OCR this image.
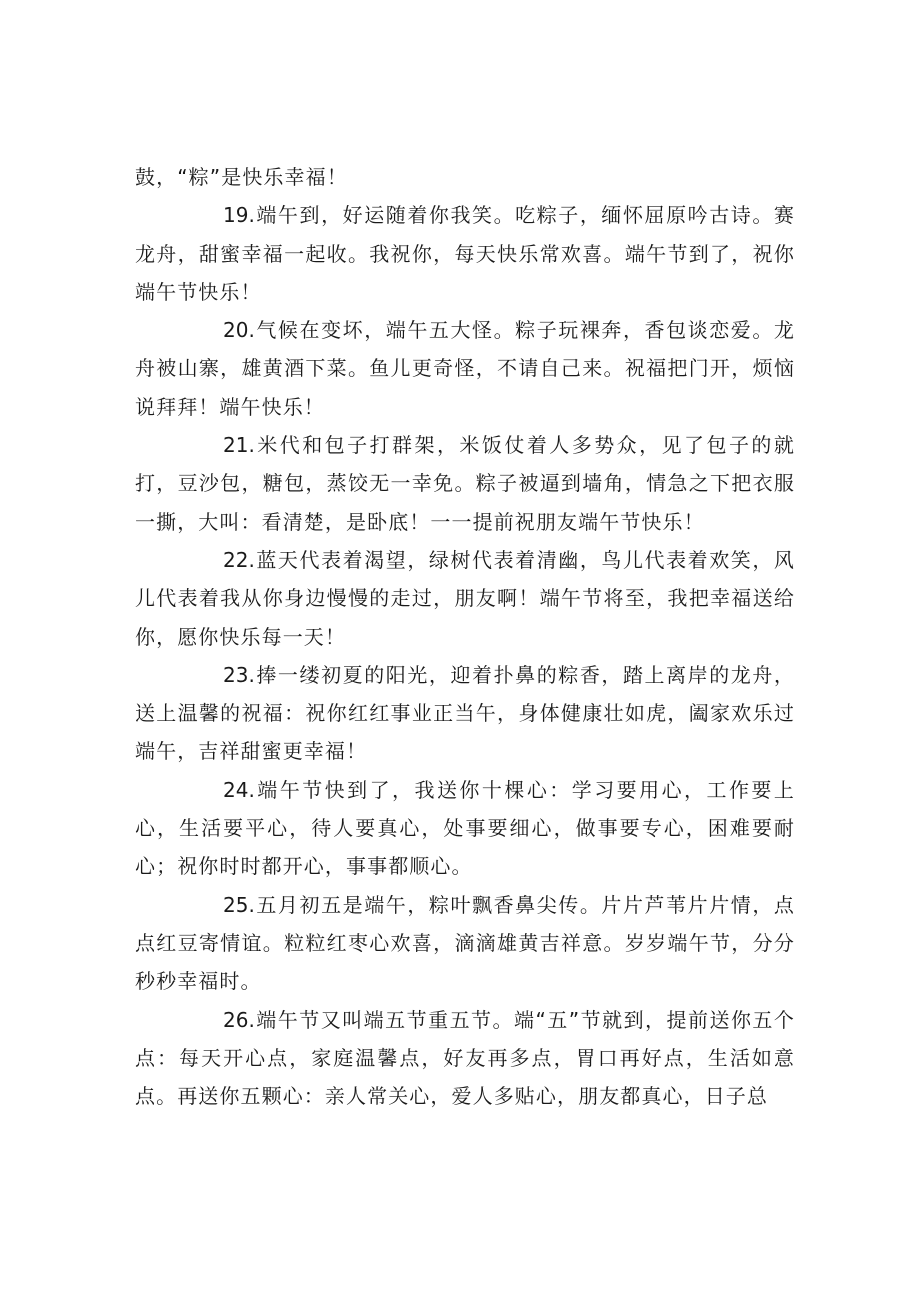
鼓，“粽”是快乐幸福！

19.端午到，好运随着你我笑。吃粽子，缅怀屈原吟古诗。赛龙舟，甜蜜幸福一起收。我祝你，每天快乐常欢喜。端午节到了，祝你端午节快乐！

20.气候在变坏，端午五大怪。粽子玩裸奔，香包谈恋爱。龙舟被山寨，雄黄酒下菜。鱼儿更奇怪，不请自己来。祝福把门开，烦恼说拜拜！端午快乐！

21.米代和包子打群架，米饭仗着人多势众，见了包子的就打，豆沙包，糖包，蒸饺无一幸免。粽子被逼到墙角，情急之下把衣服一撕，大叫：看清楚，是卧底！一一提前祝朋友端午节快乐！

22.蓝天代表着渴望，绿树代表着清幽，鸟儿代表着欢笑，风儿代表着我从你身边慢慢的走过，朋友啊！端午节将至，我把幸福送给你，愿你快乐每一天！

23.捧一缕初夏的阳光，迎着扑鼻的粽香，踏上离岸的龙舟，送上温馨的祝福：祝你红红事业正当午，身体健康壮如虎，阖家欢乐过端午，吉祥甜蜜更幸福！

24.端午节快到了，我送你十棵心：学习要用心，工作要上心，生活要平心，待人要真心，处事要细心，做事要专心，困难要耐心；祝你时时都开心，事事都顺心。

25.五月初五是端午，粽叶飘香鼻尖传。片片芦苇片片情，点点红豆寄情谊。粒粒红枣心欢喜，滴滴雄黄吉祥意。岁岁端午节，分分秒秒幸福时。

26.端午节又叫端五节重五节。端“五”节就到，提前送你五个点：每天开心点，家庭温馨点，好友再多点，胃口再好点，生活如意点。再送你五颗心：亲人常关心，爱人多贴心，朋友都真心，日子总
